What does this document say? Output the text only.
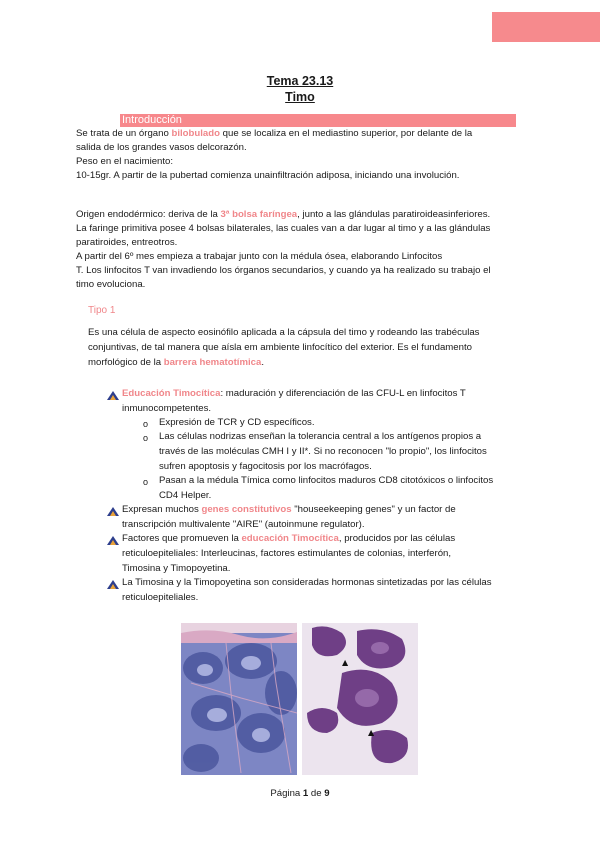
Tema 23.13
Timo
Introducción
Se trata de un órgano bilobulado que se localiza en el mediastino superior, por delante de la
salida de los grandes vasos delcorazón.
Peso en el nacimiento:
10-15gr. A partir de la pubertad comienza unainfiltración adiposa, iniciando una involución.
Origen endodérmico: deriva de la 3ª bolsa faríngea, junto a las glándulas paratiroideasinferiores.
La faringe primitiva posee 4 bolsas bilaterales, las cuales van a dar lugar al timo y a las glándulas
paratiroides, entreotros.
A partir del 6º mes empieza a trabajar junto con la médula ósea, elaborando Linfocitos
T. Los linfocitos T van invadiendo los órganos secundarios, y cuando ya ha realizado su trabajo el
timo evoluciona.
Tipo 1
Es una célula de aspecto eosinófilo aplicada a la cápsula del timo y rodeando las trabéculas
conjuntivas, de tal manera que aísla em ambiente linfocítico del exterior. Es el fundamento
morfológico de la barrera hematotímica.
Educación Timocítica: maduración y diferenciación de las CFU-L en linfocitos T
inmunocompetentes.
o Expresión de TCR y CD específicos.
o Las células nodrizas enseñan la tolerancia central a los antígenos propios a
través de las moléculas CMH I y II*. Si no reconocen "lo propio", los linfocitos
sufren apoptosis y fagocitosis por los macrófagos.
o Pasan a la médula Tímica como linfocitos maduros CD8 citotóxicos o linfocitos
CD4 Helper.
Expresan muchos genes constitutivos "houseekeeping genes" y un factor de
transcripción multivalente "AIRE" (autoinmune regulator).
Factores que promueven la educación Timocítica, producidos por las células
reticuloepiteliales: Interleucinas, factores estimulantes de colonias, interferón,
Timosina y Timopoyetina.
La Timosina y la Timopoyetina son consideradas hormonas sintetizadas por las células
reticuloepiteliales.
▲
▲
Página 1 de 9
